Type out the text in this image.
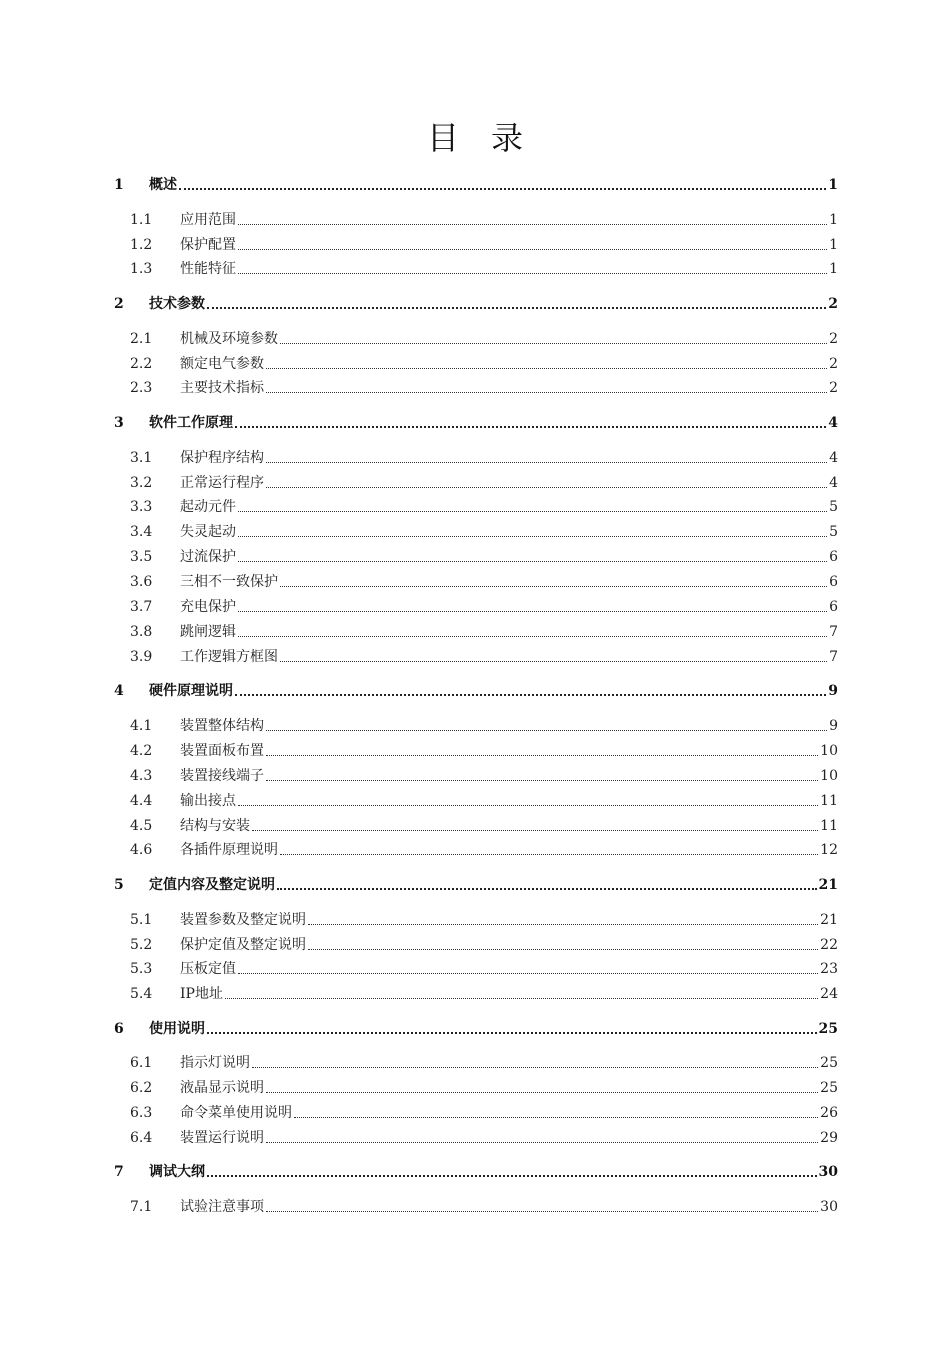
目　录
1	概述	1
1.1	应用范围	1
1.2	保护配置	1
1.3	性能特征	1
2	技术参数	2
2.1	机械及环境参数	2
2.2	额定电气参数	2
2.3	主要技术指标	2
3	软件工作原理	4
3.1	保护程序结构	4
3.2	正常运行程序	4
3.3	起动元件	5
3.4	失灵起动	5
3.5	过流保护	6
3.6	三相不一致保护	6
3.7	充电保护	6
3.8	跳闸逻辑	7
3.9	工作逻辑方框图	7
4	硬件原理说明	9
4.1	装置整体结构	9
4.2	装置面板布置	10
4.3	装置接线端子	10
4.4	输出接点	11
4.5	结构与安装	11
4.6	各插件原理说明	12
5	定值内容及整定说明	21
5.1	装置参数及整定说明	21
5.2	保护定值及整定说明	22
5.3	压板定值	23
5.4	IP地址	24
6	使用说明	25
6.1	指示灯说明	25
6.2	液晶显示说明	25
6.3	命令菜单使用说明	26
6.4	装置运行说明	29
7	调试大纲	30
7.1	试验注意事项	30
